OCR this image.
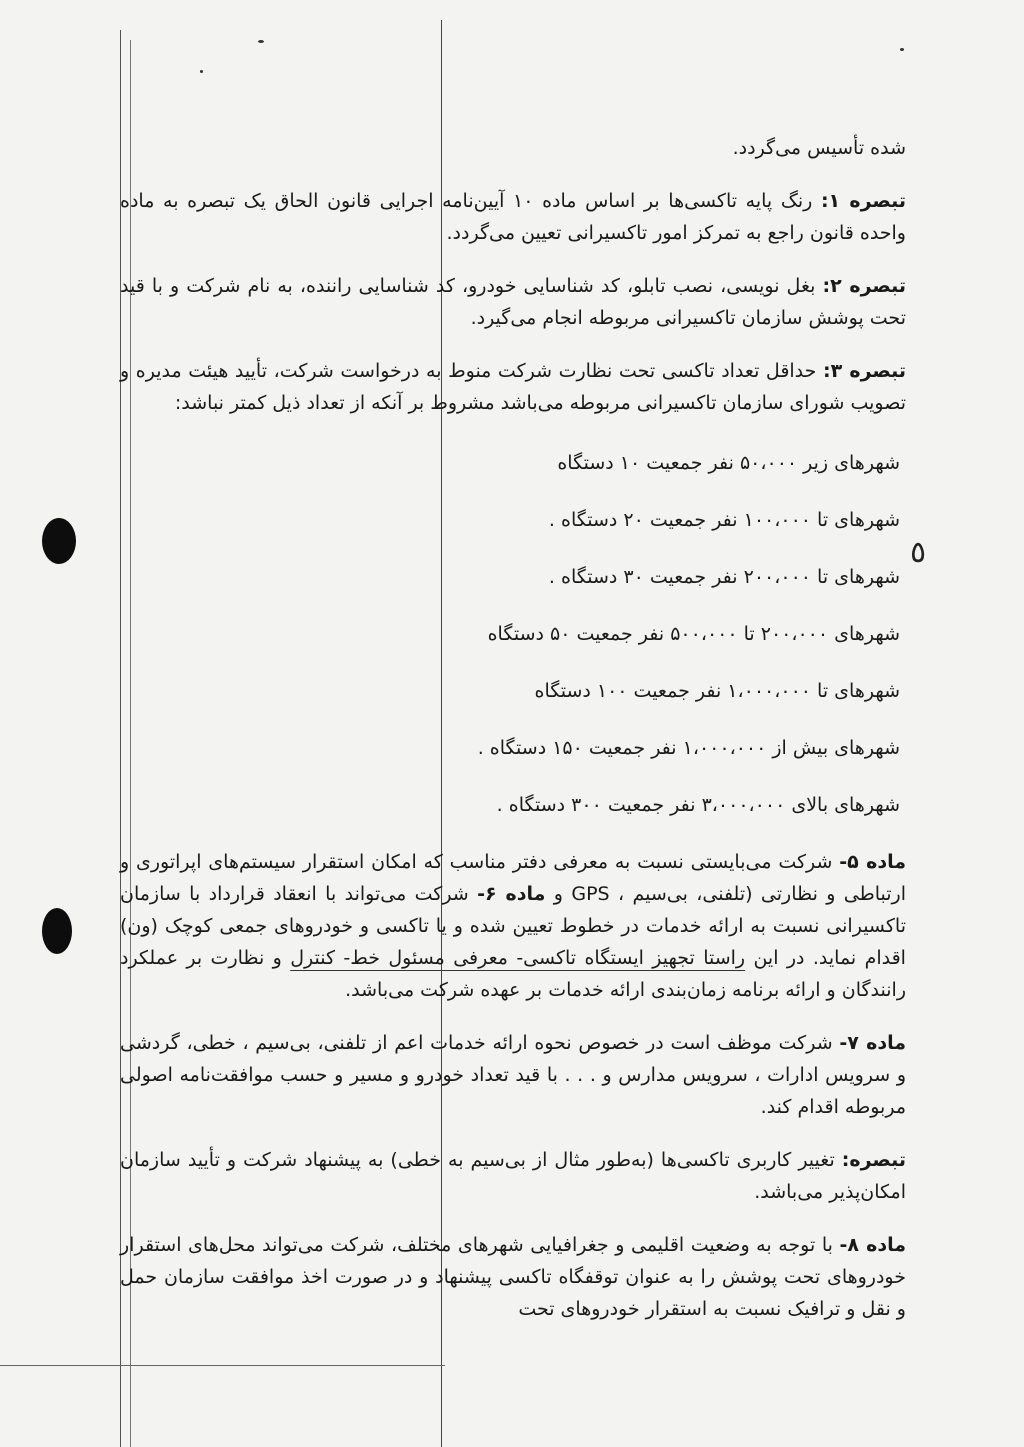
٥

شده تأسیس می‌گردد.

تبصره ۱: رنگ پایه تاکسی‌ها بر اساس ماده ۱۰ آیین‌نامه اجرایی قانون الحاق یک تبصره به ماده واحده قانون راجع به تمرکز امور تاکسیرانی تعیین می‌گردد.

تبصره ۲: بغل نویسی، نصب تابلو، کد شناسایی خودرو، کد شناسایی راننده، به نام شرکت و با قید تحت پوشش سازمان تاکسیرانی مربوطه انجام می‌گیرد.

تبصره ۳: حداقل تعداد تاکسی تحت نظارت شرکت منوط به درخواست شرکت، تأیید هیئت مدیره و تصویب شورای سازمان تاکسیرانی مربوطه می‌باشد مشروط بر آنکه از تعداد ذیل کمتر نباشد:

شهرهای زیر ۵۰،۰۰۰ نفر جمعیت ۱۰ دستگاه
شهرهای تا ۱۰۰،۰۰۰ نفر جمعیت ۲۰ دستگاه .
شهرهای تا ۲۰۰،۰۰۰ نفر جمعیت ۳۰ دستگاه .
شهرهای ۲۰۰،۰۰۰ تا ۵۰۰،۰۰۰ نفر جمعیت ۵۰ دستگاه
شهرهای تا ۱،۰۰۰،۰۰۰ نفر جمعیت ۱۰۰ دستگاه
شهرهای بیش از ۱،۰۰۰،۰۰۰ نفر جمعیت ۱۵۰ دستگاه .
شهرهای بالای ۳،۰۰۰،۰۰۰ نفر جمعیت ۳۰۰ دستگاه .

ماده ۵- شرکت می‌بایستی نسبت به معرفی دفتر مناسب که امکان استقرار سیستم‌های اپراتوری و ارتباطی و نظارتی (تلفنی، بی‌سیم ، GPS و ماده ۶- شرکت می‌تواند با انعقاد قرارداد با سازمان تاکسیرانی نسبت به ارائه خدمات در خطوط تعیین شده و یا تاکسی و خودروهای جمعی کوچک (ون) اقدام نماید. در این راستا تجهیز ایستگاه تاکسی- معرفی مسئول خط- کنترل و نظارت بر عملکرد رانندگان و ارائه برنامه زمان‌بندی ارائه خدمات بر عهده شرکت می‌باشد.

ماده ۷- شرکت موظف است در خصوص نحوه ارائه خدمات اعم از تلفنی، بی‌سیم ، خطی، گردشی و سرویس ادارات ، سرویس مدارس و . . . با قید تعداد خودرو و مسیر و حسب موافقت‌نامه اصولی مربوطه اقدام کند.

تبصره: تغییر کاربری تاکسی‌ها (به‌طور مثال از بی‌سیم به خطی) به پیشنهاد شرکت و تأیید سازمان امکان‌پذیر می‌باشد.

ماده ۸- با توجه به وضعیت اقلیمی و جغرافیایی شهرهای مختلف، شرکت می‌تواند محل‌های استقرار خودروهای تحت پوشش را به عنوان توقفگاه تاکسی پیشنهاد و در صورت اخذ موافقت سازمان حمل و نقل و ترافیک نسبت به استقرار خودروهای تحت
